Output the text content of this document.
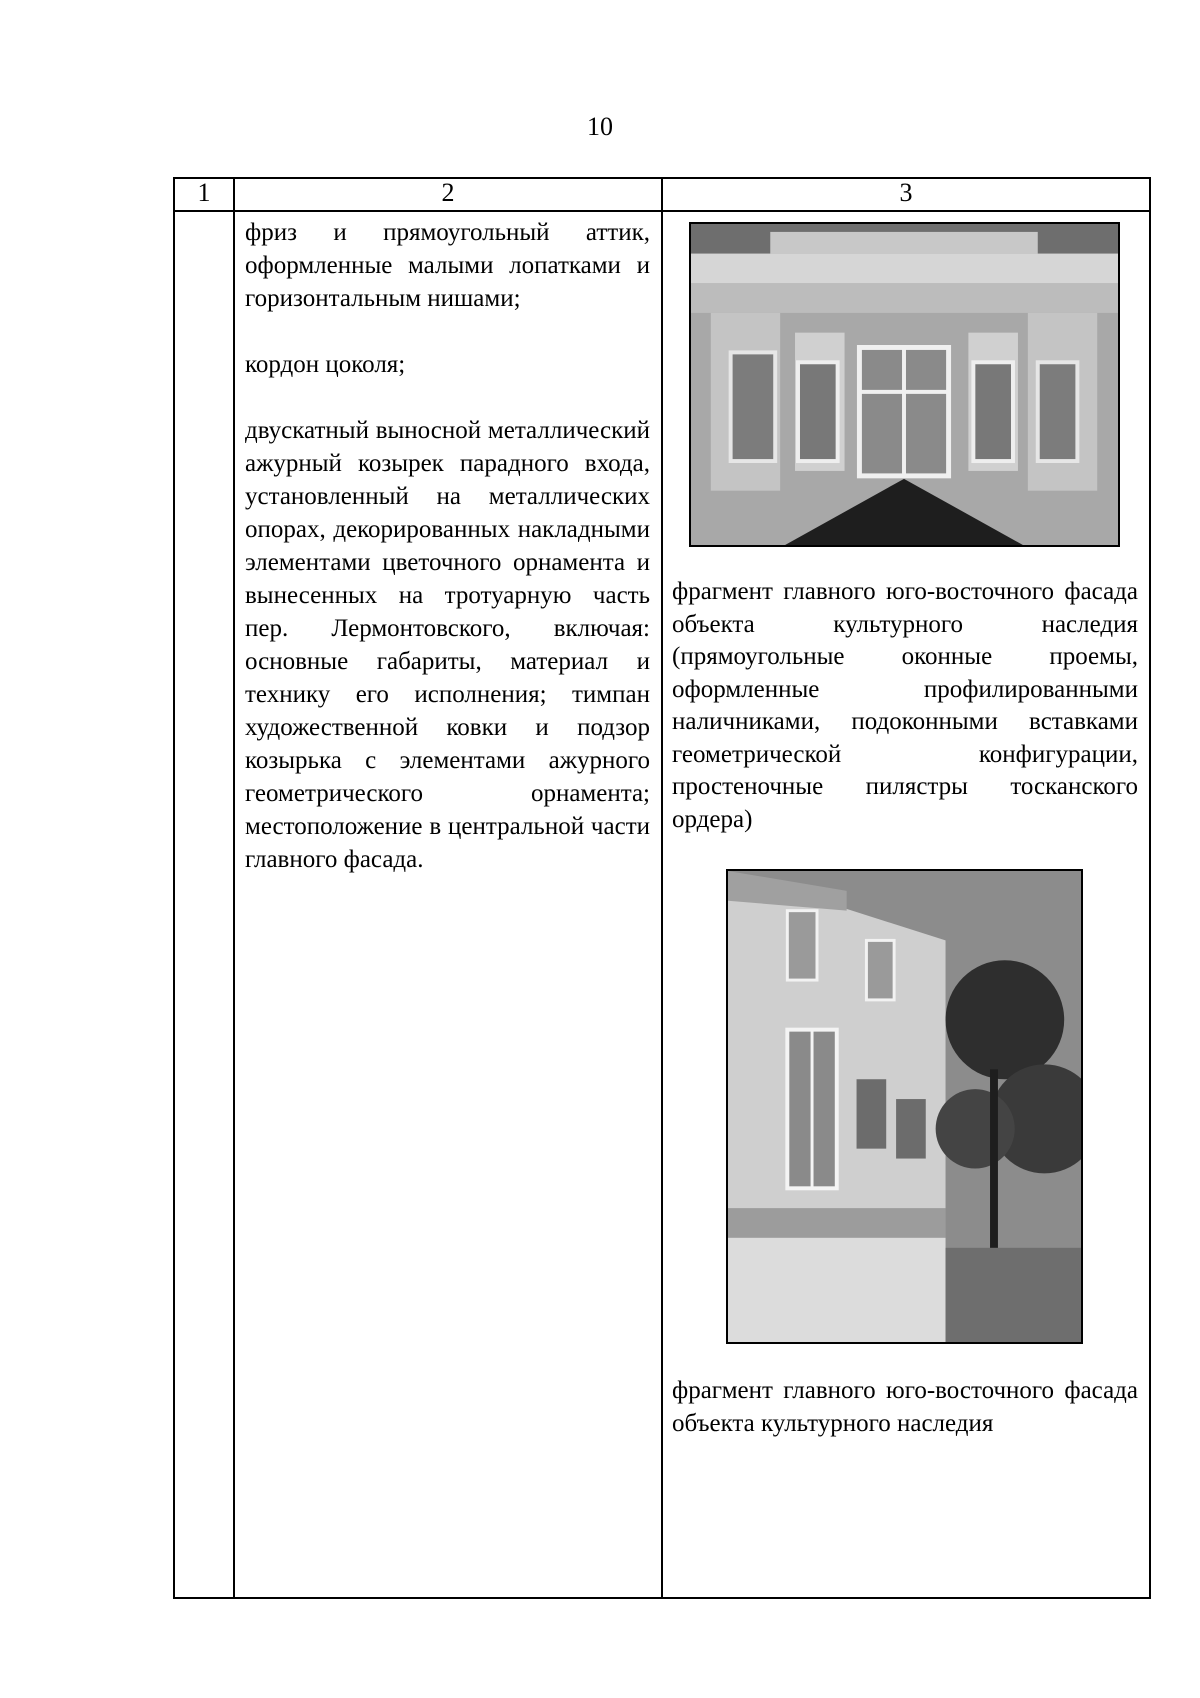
10
1	2	3

фриз и прямоугольный аттик, оформленные малыми лопатками и горизонтальным нишами;

кордон цоколя;

двускатный выносной металлический ажурный козырек парадного входа, установленный на металлических опорах, декорированных накладными элементами цветочного орнамента и вынесенных на тротуарную часть пер. Лермонтовского, включая: основные габариты, материал и технику его исполнения; тимпан художественной ковки и подзор козырька с элементами ажурного геометрического орнамента; местоположение в центральной части главного фасада.

фрагмент главного юго-восточного фасада объекта культурного наследия (прямоугольные оконные проемы, оформленные профилированными наличниками, подоконными вставками геометрической конфигурации, простеночные пилястры тосканского ордера)

фрагмент главного юго-восточного фасада объекта культурного наследия
